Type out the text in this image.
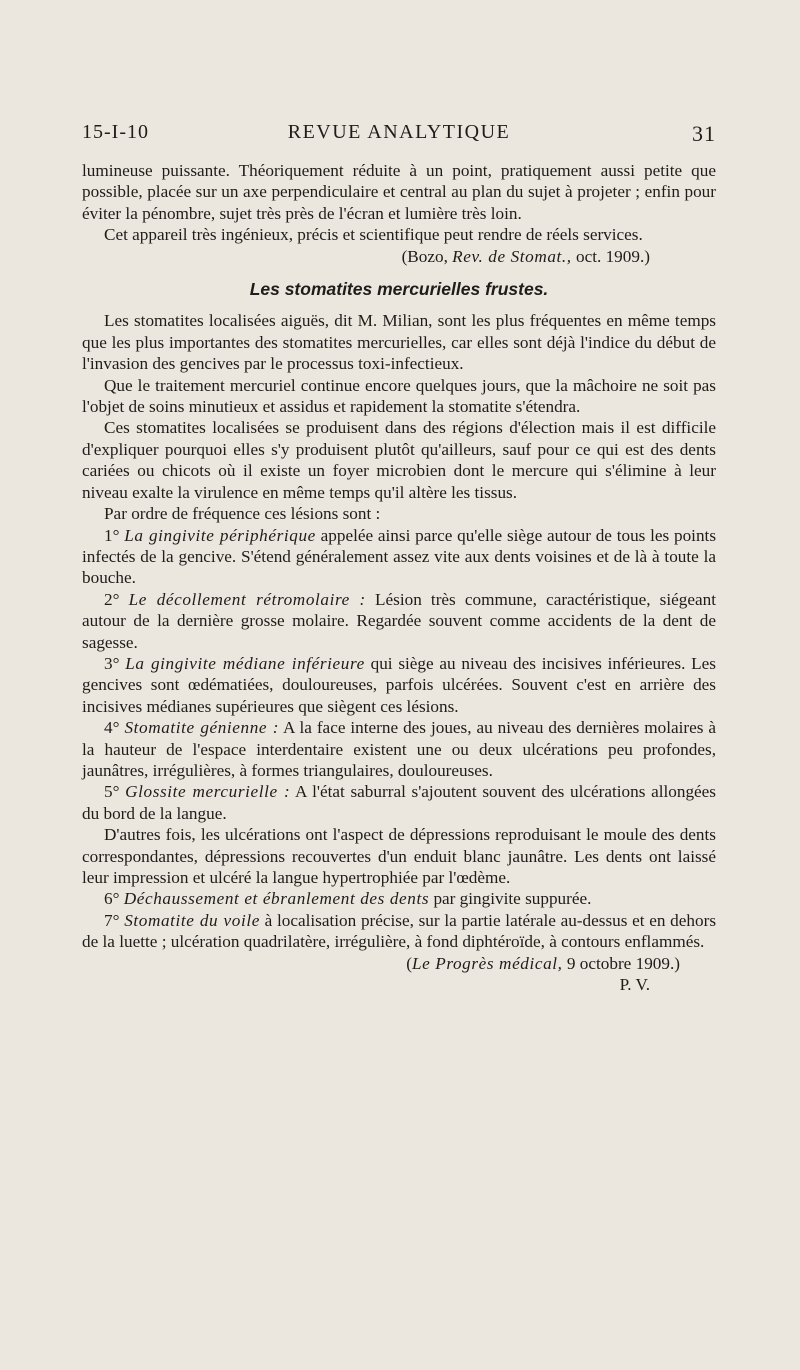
15-I-10	REVUE ANALYTIQUE	31

lumineuse puissante. Théoriquement réduite à un point, pratiquement aussi petite que possible, placée sur un axe perpendiculaire et central au plan du sujet à projeter ; enfin pour éviter la pénombre, sujet très près de l'écran et lumière très loin.

Cet appareil très ingénieux, précis et scientifique peut rendre de réels services.

(Bozo, Rev. de Stomat., oct. 1909.)

Les stomatites mercurielles frustes.

Les stomatites localisées aiguës, dit M. Milian, sont les plus fréquentes en même temps que les plus importantes des stomatites mercurielles, car elles sont déjà l'indice du début de l'invasion des gencives par le processus toxi-infectieux.

Que le traitement mercuriel continue encore quelques jours, que la mâchoire ne soit pas l'objet de soins minutieux et assidus et rapidement la stomatite s'étendra.

Ces stomatites localisées se produisent dans des régions d'élection mais il est difficile d'expliquer pourquoi elles s'y produisent plutôt qu'ailleurs, sauf pour ce qui est des dents cariées ou chicots où il existe un foyer microbien dont le mercure qui s'élimine à leur niveau exalte la virulence en même temps qu'il altère les tissus.

Par ordre de fréquence ces lésions sont :

1° La gingivite périphérique appelée ainsi parce qu'elle siège autour de tous les points infectés de la gencive. S'étend généralement assez vite aux dents voisines et de là à toute la bouche.

2° Le décollement rétromolaire : Lésion très commune, caractéristique, siégeant autour de la dernière grosse molaire. Regardée souvent comme accidents de la dent de sagesse.

3° La gingivite médiane inférieure qui siège au niveau des incisives inférieures. Les gencives sont œdématiées, douloureuses, parfois ulcérées. Souvent c'est en arrière des incisives médianes supérieures que siègent ces lésions.

4° Stomatite génienne : A la face interne des joues, au niveau des dernières molaires à la hauteur de l'espace interdentaire existent une ou deux ulcérations peu profondes, jaunâtres, irrégulières, à formes triangulaires, douloureuses.

5° Glossite mercurielle : A l'état saburral s'ajoutent souvent des ulcérations allongées du bord de la langue.

D'autres fois, les ulcérations ont l'aspect de dépressions reproduisant le moule des dents correspondantes, dépressions recouvertes d'un enduit blanc jaunâtre. Les dents ont laissé leur impression et ulcéré la langue hypertrophiée par l'œdème.

6° Déchaussement et ébranlement des dents par gingivite suppurée.

7° Stomatite du voile à localisation précise, sur la partie latérale au-dessus et en dehors de la luette ; ulcération quadrilatère, irrégulière, à fond diphtéroïde, à contours enflammés.

(Le Progrès médical, 9 octobre 1909.)

P. V.
